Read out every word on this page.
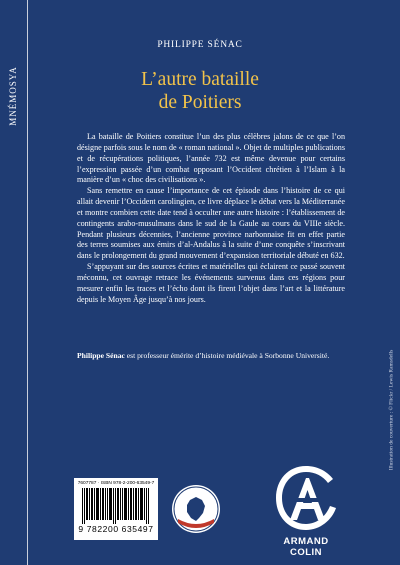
MNÉMOSYA
PHILIPPE SÉNAC
L’autre bataille
de Poitiers

La bataille de Poitiers constitue l’un des plus célèbres jalons de ce que l’on désigne parfois sous le nom de « roman national ». Objet de multiples publications et de récupérations politiques, l’année 732 est même devenue pour certains l’expression passée d’un combat opposant l’Occident chrétien à l’Islam à la manière d’un « choc des civilisations ».

Sans remettre en cause l’importance de cet épisode dans l’histoire de ce qui allait devenir l’Occident carolingien, ce livre déplace le débat vers la Méditerranée et montre combien cette date tend à occulter une autre histoire : l’établissement de contingents arabo-musulmans dans le sud de la Gaule au cours du VIIIe siècle. Pendant plusieurs décennies, l’ancienne province narbonnaise fit en effet partie des terres soumises aux émirs d’al-Andalus à la suite d’une conquête s’inscrivant dans le prolongement du grand mouvement d’expansion territoriale débuté en 632.

S’appuyant sur des sources écrites et matérielles qui éclairent ce passé souvent méconnu, cet ouvrage retrace les événements survenus dans ces régions pour mesurer enfin les traces et l’écho dont ils firent l’objet dans l’art et la littérature depuis le Moyen Âge jusqu’à nos jours.

Philippe Sénac est professeur émérite d’histoire médiévale à Sorbonne Université.	Illustration de couverture : © Flickr / Lewis Ramsdells
7607787 · ISBN 978-2-200-63549-7
9 782200 635497
ARMAND COLIN
